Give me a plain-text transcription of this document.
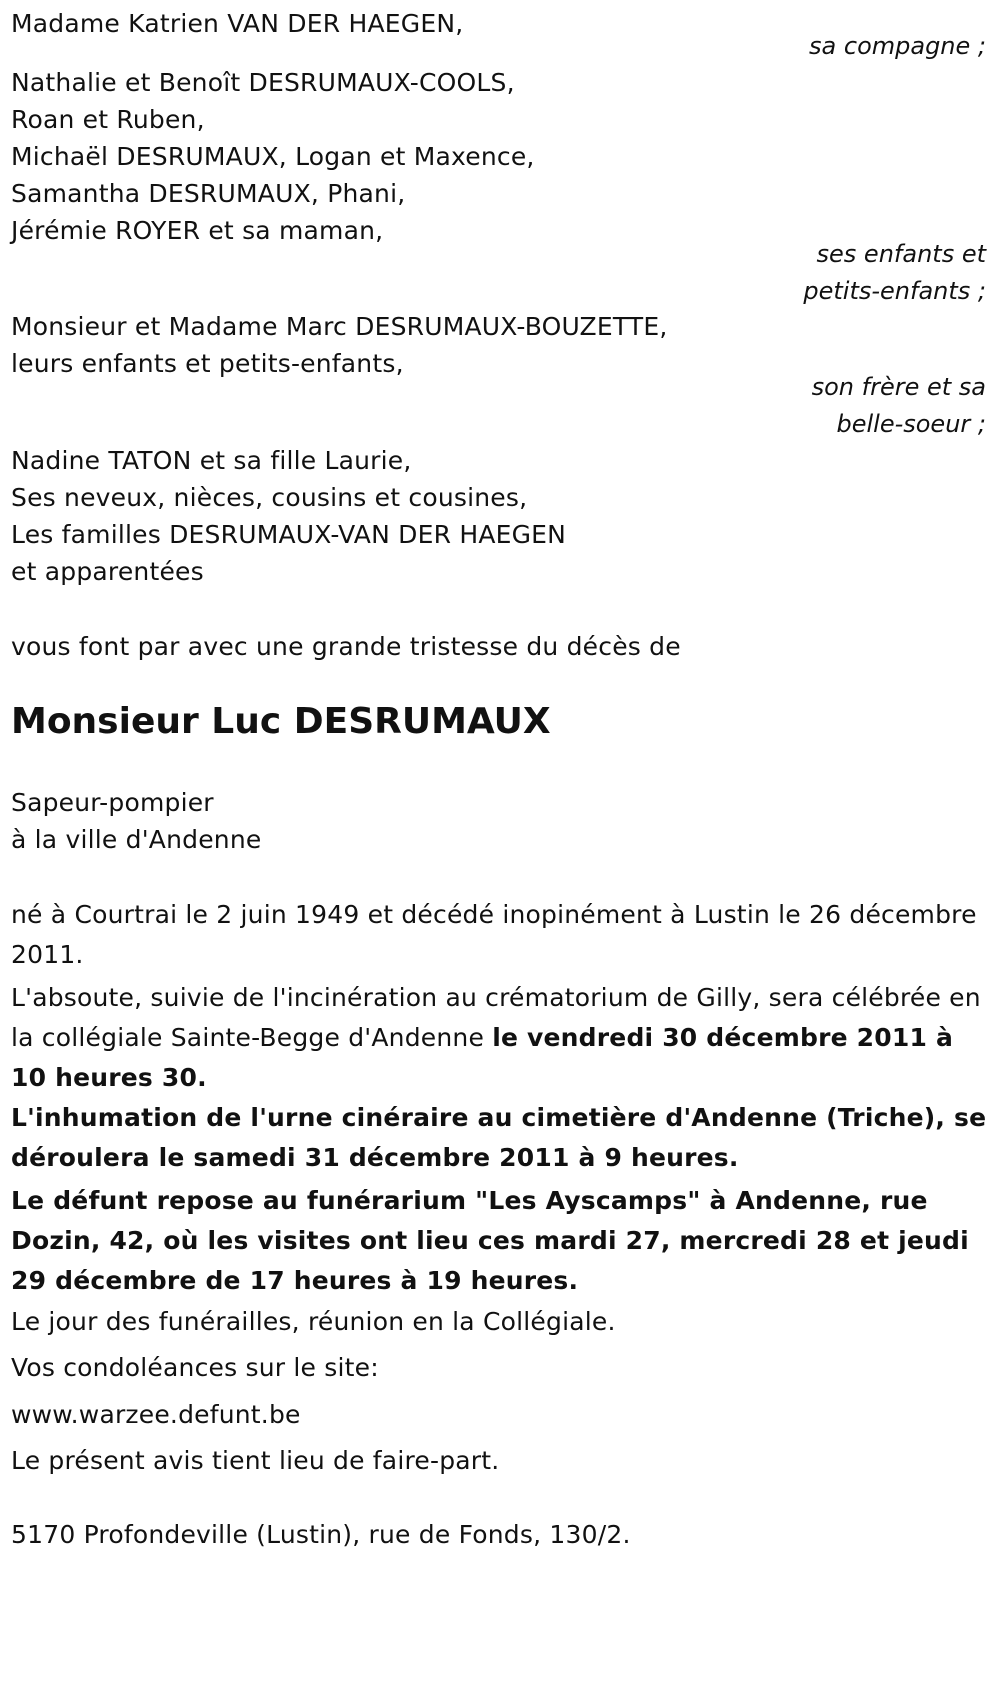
Madame Katrien VAN DER HAEGEN,
sa compagne ;
Nathalie et Benoît DESRUMAUX-COOLS,
Roan et Ruben,
Michaël DESRUMAUX, Logan et Maxence,
Samantha DESRUMAUX, Phani,
Jérémie ROYER et sa maman,
ses enfants et
petits-enfants ;
Monsieur et Madame Marc DESRUMAUX-BOUZETTE,
leurs enfants et petits-enfants,
son frère et sa
belle-soeur ;
Nadine TATON et sa fille Laurie,
Ses neveux, nièces, cousins et cousines,
Les familles DESRUMAUX-VAN DER HAEGEN
et apparentées
vous font par avec une grande tristesse du décès de
Monsieur Luc DESRUMAUX
Sapeur-pompier
à la ville d'Andenne
né à Courtrai le 2 juin 1949 et décédé inopinément à Lustin le 26 décembre 2011.
L'absoute, suivie de l'incinération au crématorium de Gilly, sera célébrée en la collégiale Sainte-Begge d'Andenne le vendredi 30 décembre 2011 à 10 heures 30.
L'inhumation de l'urne cinéraire au cimetière d'Andenne (Triche), se déroulera le samedi 31 décembre 2011 à 9 heures.
Le défunt repose au funérarium "Les Ayscamps" à Andenne, rue Dozin, 42, où les visites ont lieu ces mardi 27, mercredi 28 et jeudi 29 décembre de 17 heures à 19 heures.
Le jour des funérailles, réunion en la Collégiale.
Vos condoléances sur le site:
www.warzee.defunt.be
Le présent avis tient lieu de faire-part.
5170 Profondeville (Lustin), rue de Fonds, 130/2.
